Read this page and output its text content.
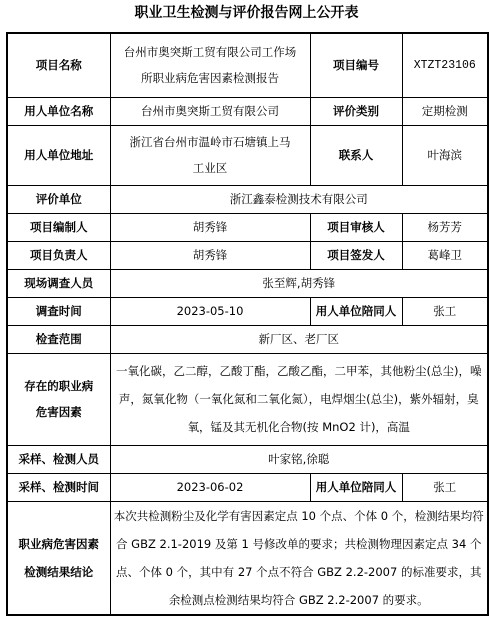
职业卫生检测与评价报告网上公开表
项目名称	台州市奥突斯工贸有限公司工作场所职业病危害因素检测报告	项目编号	XTZT23106
用人单位名称	台州市奥突斯工贸有限公司	评价类别	定期检测
用人单位地址	浙江省台州市温岭市石塘镇上马工业区	联系人	叶海滨
评价单位	浙江鑫泰检测技术有限公司		
项目编制人	胡秀锋	项目审核人	杨芳芳
项目负责人	胡秀锋	项目签发人	葛峰卫
现场调查人员	张至辉,胡秀锋		
调查时间	2023-05-10	用人单位陪同人	张工
检查范围	新厂区、老厂区		
存在的职业病危害因素	一氧化碳，乙二醇，乙酸丁酯，乙酸乙酯，二甲苯，其他粉尘(总尘)，噪声，氮氧化物（一氧化氮和二氧化氮），电焊烟尘(总尘)，紫外辐射，臭氧，锰及其无机化合物(按 MnO2 计)，高温		
采样、检测人员	叶家铭,徐聪		
采样、检测时间	2023-06-02	用人单位陪同人	张工
职业病危害因素检测结果结论	本次共检测粉尘及化学有害因素定点 10 个点、个体 0 个，检测结果均符合 GBZ 2.1-2019 及第 1 号修改单的要求；共检测物理因素定点 34 个点、个体 0 个，其中有 27 个点不符合 GBZ 2.2-2007 的标准要求，其余检测点检测结果均符合 GBZ 2.2-2007 的要求。		
